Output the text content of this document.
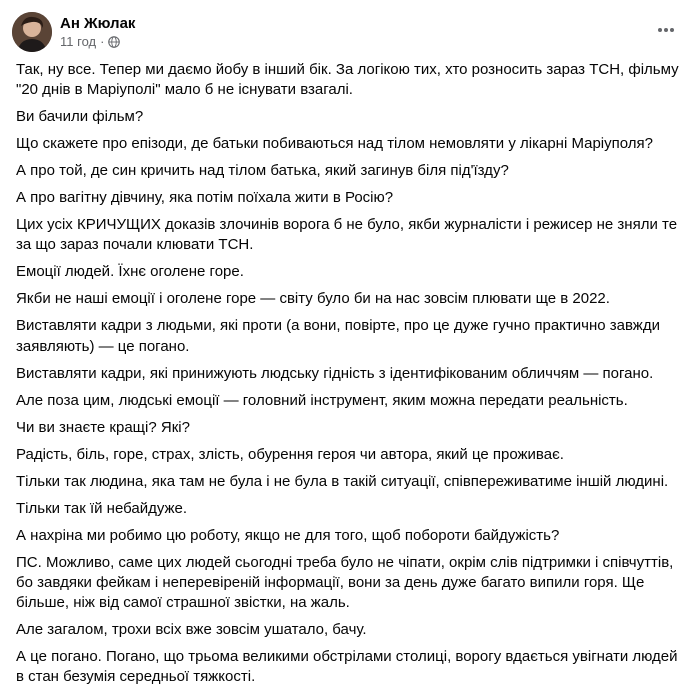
Ан Жюлак
11 год ·

Так, ну все. Тепер ми даємо йобу в інший бік. За логікою тих, хто розносить зараз ТСН, фільму "20 днів в Маріуполі" мало б не існувати взагалі.

Ви бачили фільм?

Що скажете про епізоди, де батьки побиваються над тілом немовляти у лікарні Маріуполя?

А про той, де син кричить над тілом батька, який загинув біля під'їзду?

А про вагітну дівчину, яка потім поїхала жити в Росію?

Цих усіх КРИЧУЩИХ доказів злочинів ворога б не було, якби журналісти і режисер не зняли те за що зараз почали клювати ТСН.

Емоції людей. Їхнє оголене горе.

Якби не наші емоції і оголене горе — світу було би на нас зовсім плювати ще в 2022.

Виставляти кадри з людьми, які проти (а вони, повірте, про це дуже гучно практично завжди заявляють) — це погано.

Виставляти кадри, які принижують людську гідність з ідентифікованим обличчям — погано.

Але поза цим, людські емоції — головний інструмент, яким можна передати реальність.

Чи ви знаєте кращі? Які?

Радість, біль, горе, страх, злість, обурення героя чи автора, який це проживає.

Тільки так людина, яка там не була і не була в такій ситуації, співпереживатиме іншій людині.

Тільки так їй небайдуже.

А нахріна ми робимо цю роботу, якщо не для того, щоб побороти байдужість?

ПС. Можливо, саме цих людей сьогодні треба було не чіпати, окрім слів підтримки і співчуттів, бо завдяки фейкам і неперевіреній інформації, вони за день дуже багато випили горя. Ще більше, ніж від самої страшної звістки, на жаль.

Але загалом, трохи всіх вже зовсім ушатало, бачу.

А це погано. Погано, що трьома великими обстрілами столиці, ворогу вдається увігнати людей в стан безумія середньої тяжкості.
